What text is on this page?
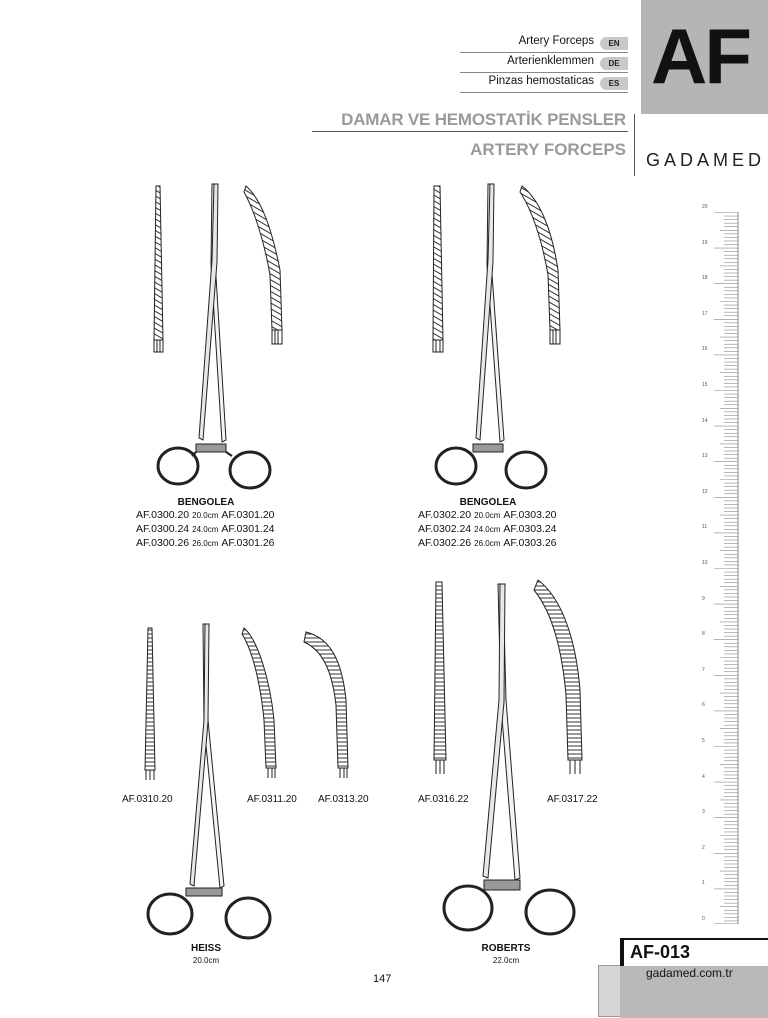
Artery Forceps	EN
Arterienklemmen	DE
Pinzas hemostaticas	ES AF
DAMAR VE HEMOSTATİK PENSLER
ARTERY FORCEPS
GADAMED
20
19
18
17
16
15
14
13
12
11
10
9
8
7
6
5
4
3
2
1
0
BENGOLEA
AF.0300.20 20.0cm AF.0301.20
AF.0300.24 24.0cm AF.0301.24
AF.0300.26 26.0cm AF.0301.26
BENGOLEA
AF.0302.20 20.0cm AF.0303.20
AF.0302.24 24.0cm AF.0303.24
AF.0302.26 26.0cm AF.0303.26
AF.0310.20	AF.0311.20 AF.0313.20
HEISS
20.0cm
AF.0316.22	AF.0317.22
ROBERTS
22.0cm
147
AF-013
gadamed.com.tr
